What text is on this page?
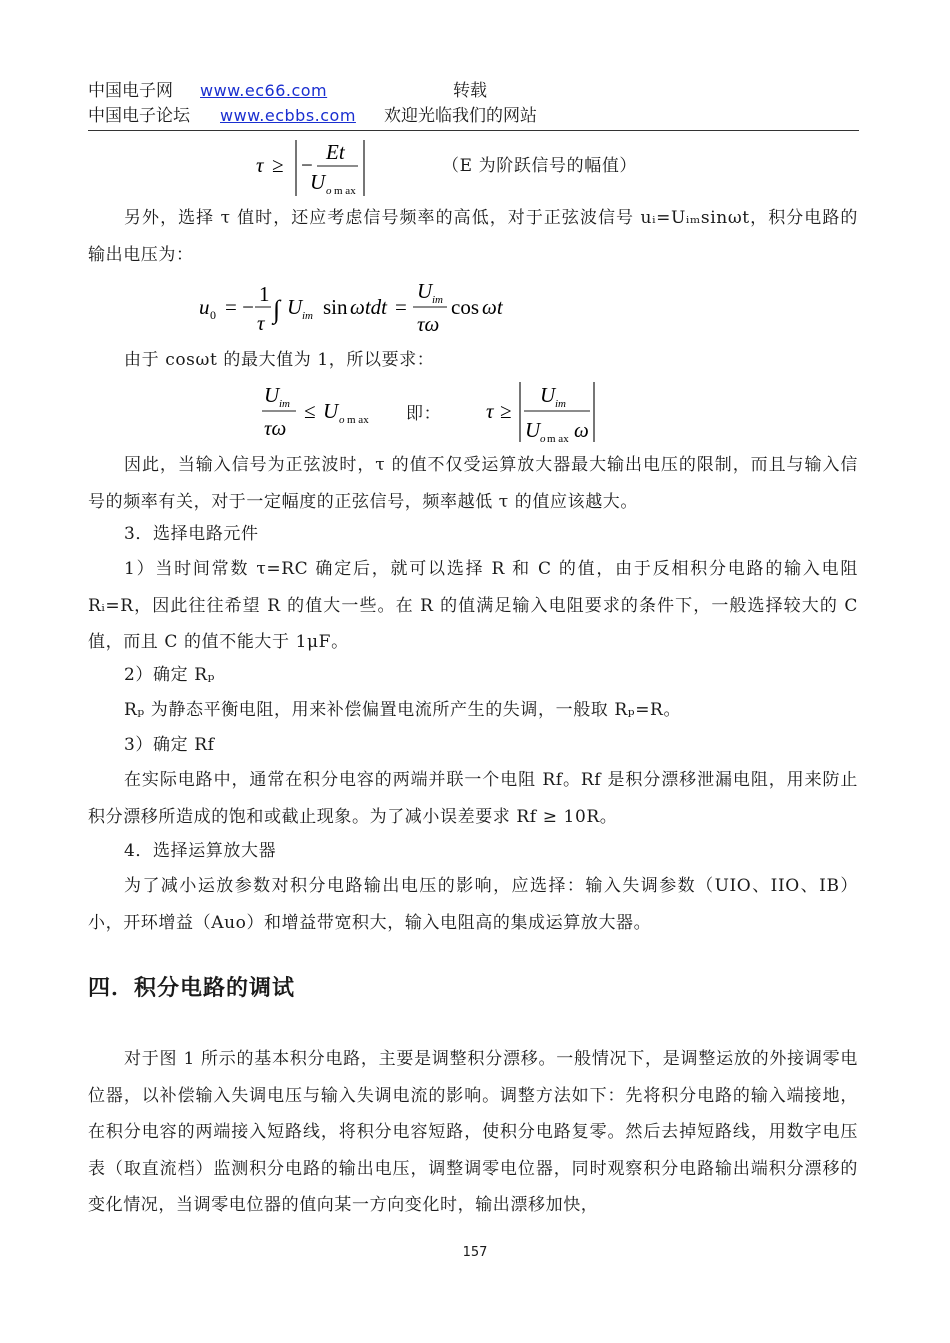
中国电子网 www.ec66.com	转载
中国电子论坛 www.ecbbs.com 欢迎光临我们的网站
τ ≥ −
Et
U o m ax
（E 为阶跃信号的幅值）
另外，选择 τ 值时，还应考虑信号频率的高低，对于正弦波信号 uᵢ=Uᵢₘsinωt，积分电路的输出电压为：
u 0 = −
1
τ ∫ U im sin ωtdt =
U im
τω
cos ωt
由于 cosωt 的最大值为 1，所以要求：
U im
τω
≤ U o m ax	τ ≥
U im
U o m ax ω
即：
因此，当输入信号为正弦波时，τ 的值不仅受运算放大器最大输出电压的限制，而且与输入信号的频率有关，对于一定幅度的正弦信号，频率越低 τ 的值应该越大。
3．选择电路元件
1）当时间常数 τ=RC 确定后，就可以选择 R 和 C 的值，由于反相积分电路的输入电阻 Rᵢ=R，因此往往希望 R 的值大一些。在 R 的值满足输入电阻要求的条件下，一般选择较大的 C 值，而且 C 的值不能大于 1μF。
2）确定 Rₚ
Rₚ 为静态平衡电阻，用来补偿偏置电流所产生的失调，一般取 Rₚ=R。
3）确定 Rf
在实际电路中，通常在积分电容的两端并联一个电阻 Rf。Rf 是积分漂移泄漏电阻，用来防止积分漂移所造成的饱和或截止现象。为了减小误差要求 Rf ≥ 10R。
4．选择运算放大器
为了减小运放参数对积分电路输出电压的影响，应选择：输入失调参数（UIO、IIO、IB）小，开环增益（Auo）和增益带宽积大，输入电阻高的集成运算放大器。
四．积分电路的调试
对于图 1 所示的基本积分电路，主要是调整积分漂移。一般情况下，是调整运放的外接调零电位器，以补偿输入失调电压与输入失调电流的影响。调整方法如下：先将积分电路的输入端接地，在积分电容的两端接入短路线，将积分电容短路，使积分电路复零。然后去掉短路线，用数字电压表（取直流档）监测积分电路的输出电压，调整调零电位器，同时观察积分电路输出端积分漂移的变化情况，当调零电位器的值向某一方向变化时，输出漂移加快，
157
